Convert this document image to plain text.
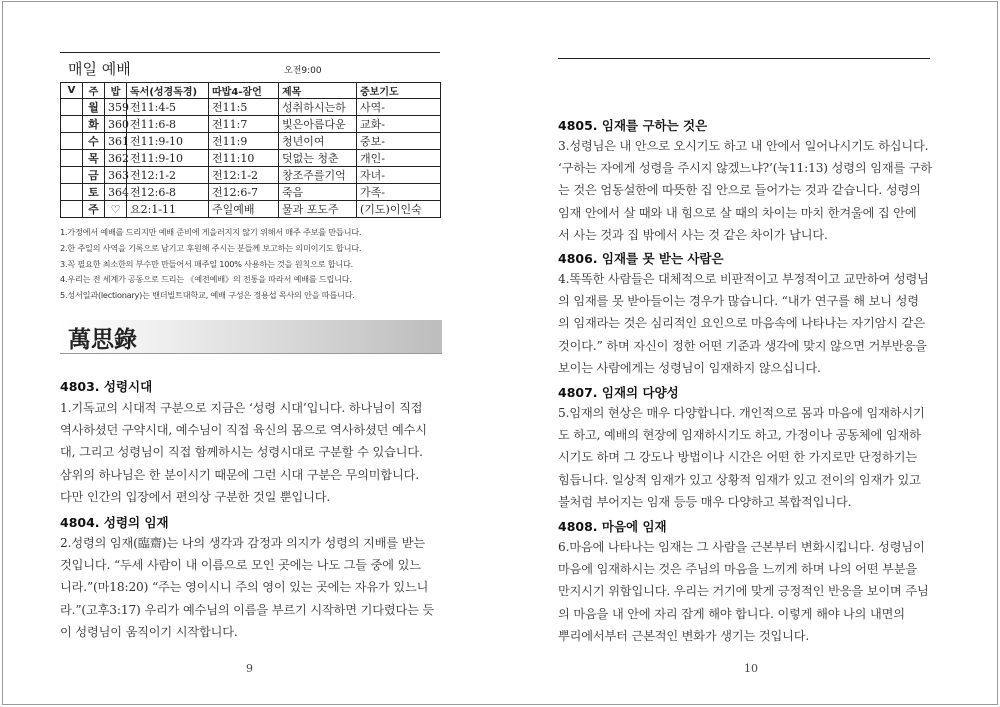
매일 예배	오전9:00
V	주	밥	독서(성경독경)	따밥4-잠언	제목	중보기도
	월	359	전11:4-5	전11:5	성취하시는하	사역-
	화	360	전11:6-8	전11:7	빛은아름다운	교화-
	수	361	전11:9-10	전11:9	청년이여	중보-
	목	362	전11:9-10	전11:10	덧없는 청춘	개인-
	금	363	전12:1-2	전12:1-2	창조주를기억	자녀-
	토	364	전12:6-8	전12:6-7	죽음	가족-
	주	♡	요2:1-11	주일예배	물과 포도주	(기도)이인숙
1.가정에서 예배를 드리지만 예배 준비에 게을러지지 않기 위해서 매주 주보를 만듭니다.
2.한 주일의 사역을 기록으로 남기고 후원해 주시는 분들께 보고하는 의미이기도 합니다.
3.꼭 필요한 최소한의 부수만 만들어서 매주일 100% 사용하는 것을 원칙으로 합니다.
4.우리는 전 세계가 공동으로 드리는 《예전예배》의 전통을 따라서 예배를 드립니다.
5.성서일과(lectionary)는 밴더빌트대학교, 예배 구성은 정용섭 목사의 안을 따릅니다.
萬思錄
4803. 성령시대
1.기독교의 시대적 구분으로 지금은 ‘성령 시대’입니다. 하나님이 직접
역사하셨던 구약시대, 예수님이 직접 육신의 몸으로 역사하셨던 예수시
대, 그리고 성령님이 직접 함께하시는 성령시대로 구분할 수 있습니다.
삼위의 하나님은 한 분이시기 때문에 그런 시대 구분은 무의미합니다.
다만 인간의 입장에서 편의상 구분한 것일 뿐입니다.
4804. 성령의 임재
2.성령의 임재(臨齋)는 나의 생각과 감정과 의지가 성령의 지배를 받는
것입니다. “두세 사람이 내 이름으로 모인 곳에는 나도 그들 중에 있느
니라.”(마18:20) “주는 영이시니 주의 영이 있는 곳에는 자유가 있느니
라.”(고후3:17) 우리가 예수님의 이름을 부르기 시작하면 기다렸다는 듯
이 성령님이 움직이기 시작합니다.
9
4805. 임재를 구하는 것은
3.성령님은 내 안으로 오시기도 하고 내 안에서 일어나시기도 하십니다.
‘구하는 자에게 성령을 주시지 않겠느냐?’(눅11:13) 성령의 임재를 구하
는 것은 엄동설한에 따뜻한 집 안으로 들어가는 것과 같습니다. 성령의
임재 안에서 살 때와 내 힘으로 살 때의 차이는 마치 한겨울에 집 안에
서 사는 것과 집 밖에서 사는 것 같은 차이가 납니다.
4806. 임재를 못 받는 사람은
4.똑똑한 사람들은 대체적으로 비판적이고 부정적이고 교만하여 성령님
의 임재를 못 받아들이는 경우가 많습니다. “내가 연구를 해 보니 성령
의 임재라는 것은 심리적인 요인으로 마음속에 나타나는 자기암시 같은
것이다.” 하며 자신이 정한 어떤 기준과 생각에 맞지 않으면 거부반응을
보이는 사람에게는 성령님이 임재하지 않으십니다.
4807. 임재의 다양성
5.임재의 현상은 매우 다양합니다. 개인적으로 몸과 마음에 임재하시기
도 하고, 예배의 현장에 임재하시기도 하고, 가정이나 공동체에 임재하
시기도 하며 그 강도나 방법이나 시간은 어떤 한 가지로만 단정하기는
힘듭니다. 일상적 임재가 있고 상황적 임재가 있고 전이의 임재가 있고
불처럼 부어지는 임재 등등 매우 다양하고 복합적입니다.
4808. 마음에 임재
6.마음에 나타나는 임재는 그 사람을 근본부터 변화시킵니다. 성령님이
마음에 임재하시는 것은 주님의 마음을 느끼게 하며 나의 어떤 부분을
만지시기 위함입니다. 우리는 거기에 맞게 긍정적인 반응을 보이며 주님
의 마음을 내 안에 자리 잡게 해야 합니다. 이렇게 해야 나의 내면의
뿌리에서부터 근본적인 변화가 생기는 것입니다.
10
